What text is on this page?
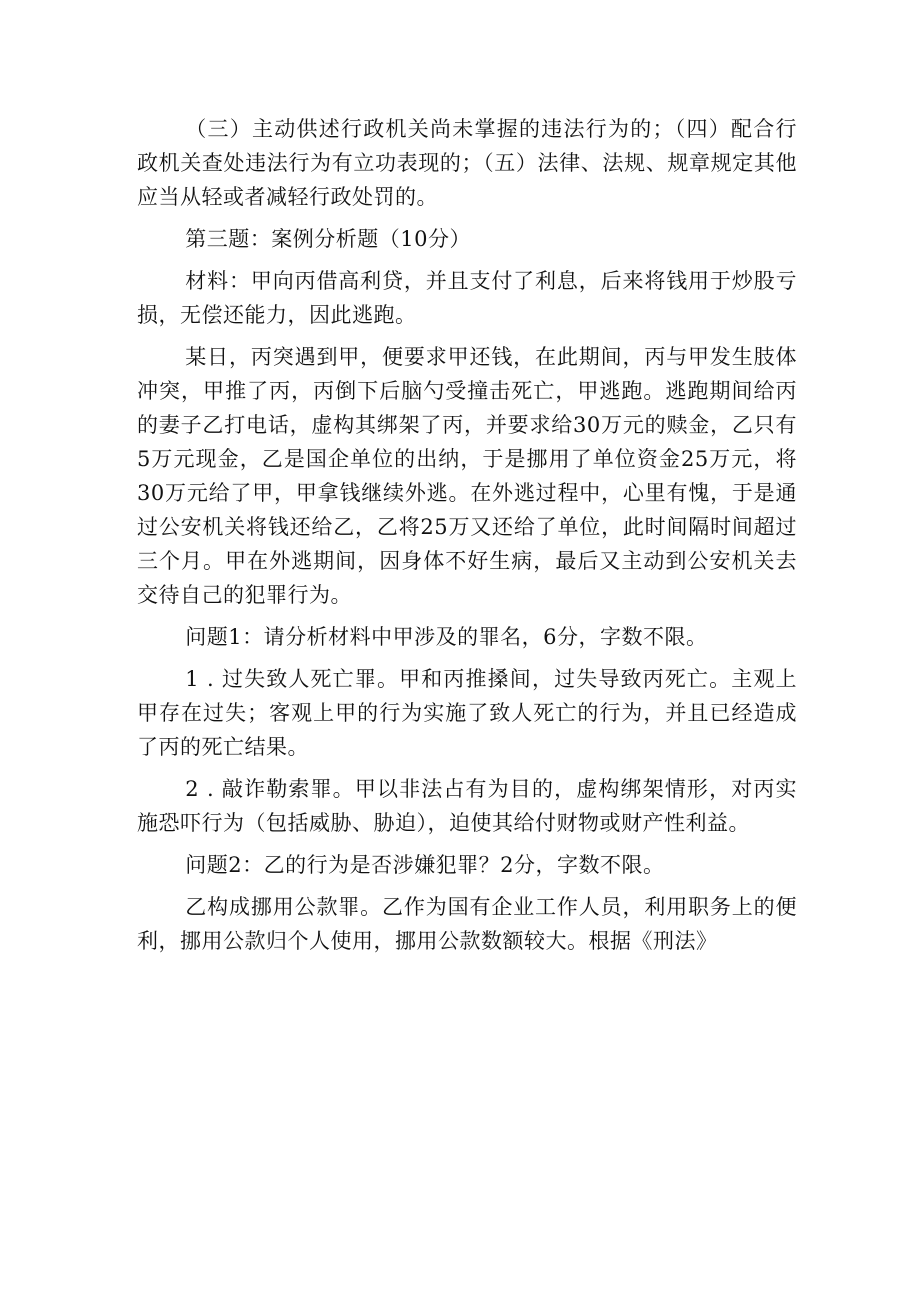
（三）主动供述行政机关尚未掌握的违法行为的；（四）配合行政机关查处违法行为有立功表现的；（五）法律、法规、规章规定其他应当从轻或者减轻行政处罚的。

第三题：案例分析题（10分）

材料：甲向丙借高利贷，并且支付了利息，后来将钱用于炒股亏损，无偿还能力，因此逃跑。

某日，丙突遇到甲，便要求甲还钱，在此期间，丙与甲发生肢体冲突，甲推了丙，丙倒下后脑勺受撞击死亡，甲逃跑。逃跑期间给丙的妻子乙打电话，虚构其绑架了丙，并要求给30万元的赎金，乙只有5万元现金，乙是国企单位的出纳，于是挪用了单位资金25万元，将30万元给了甲，甲拿钱继续外逃。在外逃过程中，心里有愧，于是通过公安机关将钱还给乙，乙将25万又还给了单位，此时间隔时间超过三个月。甲在外逃期间，因身体不好生病，最后又主动到公安机关去交待自己的犯罪行为。

问题1：请分析材料中甲涉及的罪名，6分，字数不限。

1 . 过失致人死亡罪。甲和丙推搡间，过失导致丙死亡。主观上甲存在过失；客观上甲的行为实施了致人死亡的行为，并且已经造成了丙的死亡结果。

2 . 敲诈勒索罪。甲以非法占有为目的，虚构绑架情形，对丙实施恐吓行为（包括威胁、胁迫），迫使其给付财物或财产性利益。

问题2：乙的行为是否涉嫌犯罪？2分，字数不限。

乙构成挪用公款罪。乙作为国有企业工作人员，利用职务上的便利，挪用公款归个人使用，挪用公款数额较大。根据《刑法》
